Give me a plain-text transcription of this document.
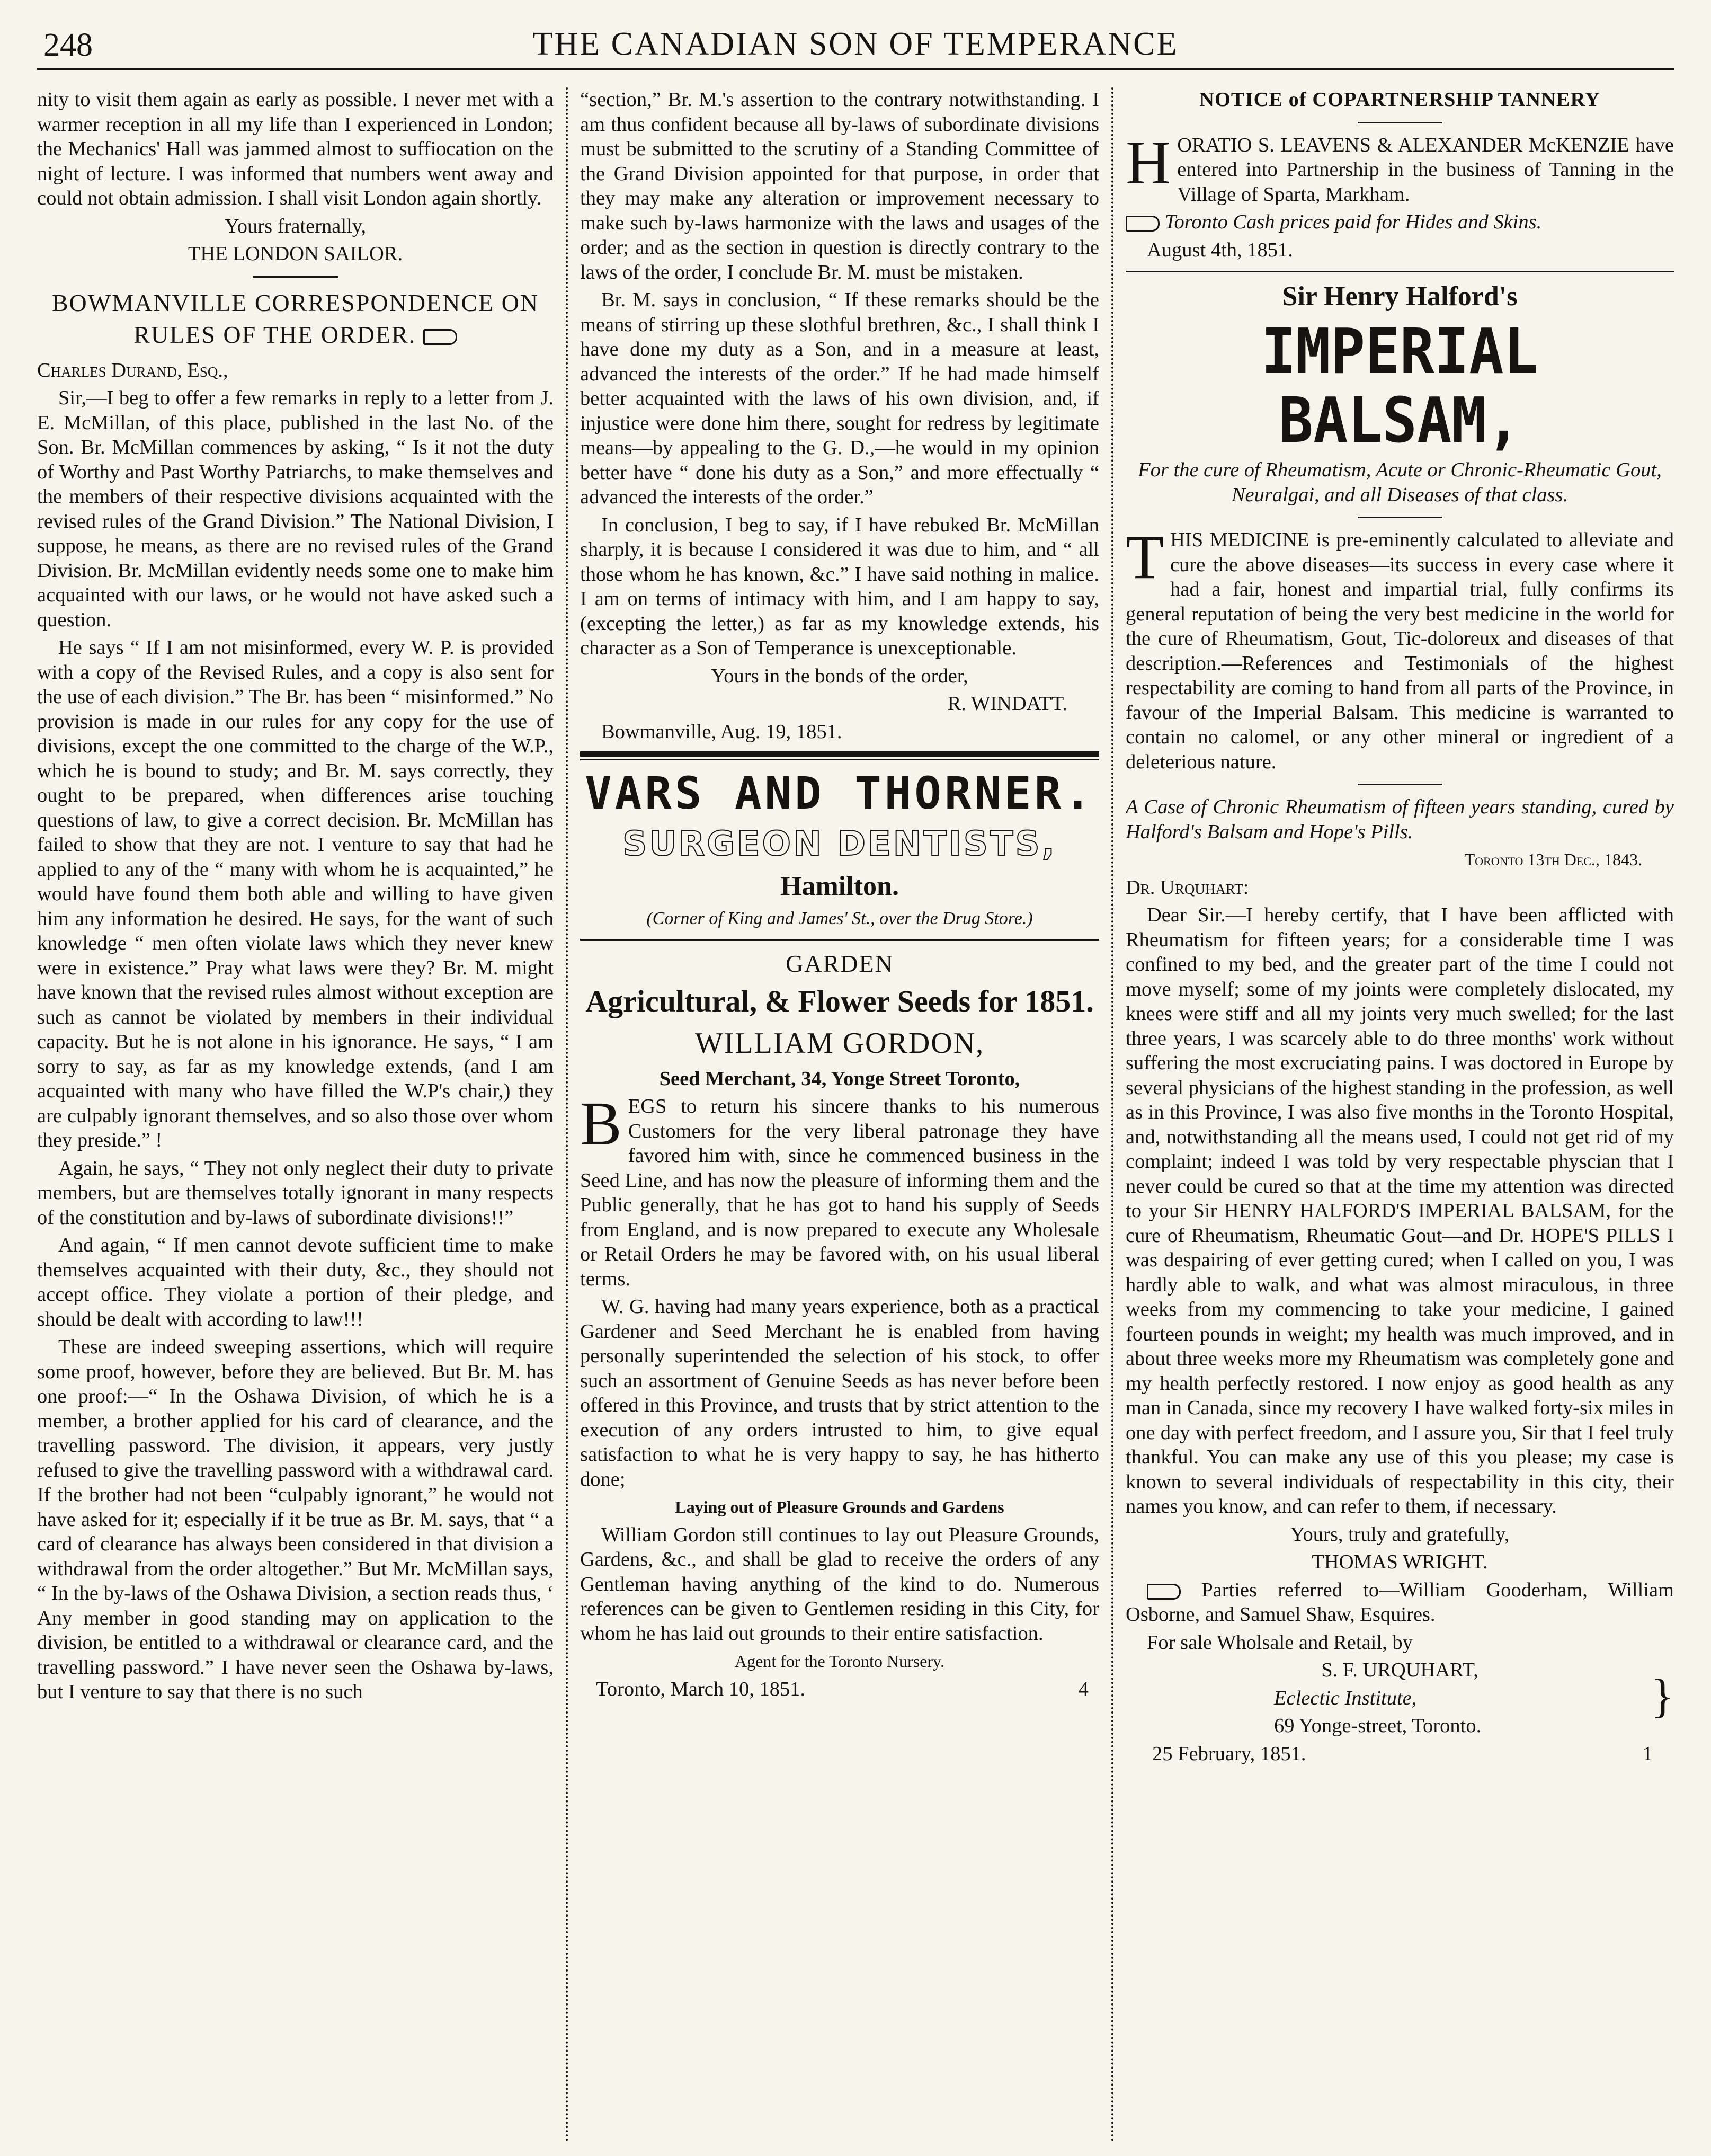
248	THE CANADIAN SON OF TEMPERANCE

nity to visit them again as early as possible. I never met with a warmer reception in all my life than I experienced in London; the Mechanics' Hall was jammed almost to suffiocation on the night of lecture. I was informed that numbers went away and could not obtain admission. I shall visit London again shortly.

Yours fraternally,

THE LONDON SAILOR.

BOWMANVILLE CORRESPONDENCE ON RULES OF THE ORDER.

Charles Durand, Esq.,

Sir,—I beg to offer a few remarks in reply to a letter from J. E. McMillan, of this place, published in the last No. of the Son. Br. McMillan commences by asking, “ Is it not the duty of Worthy and Past Worthy Patriarchs, to make themselves and the members of their respective divisions acquainted with the revised rules of the Grand Division.” The National Division, I suppose, he means, as there are no revised rules of the Grand Division. Br. McMillan evidently needs some one to make him acquainted with our laws, or he would not have asked such a question.

He says “ If I am not misinformed, every W. P. is provided with a copy of the Revised Rules, and a copy is also sent for the use of each division.” The Br. has been “ misinformed.” No provision is made in our rules for any copy for the use of divisions, except the one committed to the charge of the W.P., which he is bound to study; and Br. M. says correctly, they ought to be prepared, when differences arise touching questions of law, to give a correct decision. Br. McMillan has failed to show that they are not. I venture to say that had he applied to any of the “ many with whom he is acquainted,” he would have found them both able and willing to have given him any information he desired. He says, for the want of such knowledge “ men often violate laws which they never knew were in existence.” Pray what laws were they? Br. M. might have known that the revised rules almost without exception are such as cannot be violated by members in their individual capacity. But he is not alone in his ignorance. He says, “ I am sorry to say, as far as my knowledge extends, (and I am acquainted with many who have filled the W.P's chair,) they are culpably ignorant themselves, and so also those over whom they preside.” !

Again, he says, “ They not only neglect their duty to private members, but are themselves totally ignorant in many respects of the constitution and by-laws of subordinate divisions!!”

And again, “ If men cannot devote sufficient time to make themselves acquainted with their duty, &c., they should not accept office. They violate a portion of their pledge, and should be dealt with according to law!!!

These are indeed sweeping assertions, which will require some proof, however, before they are believed. But Br. M. has one proof:—“ In the Oshawa Division, of which he is a member, a brother applied for his card of clearance, and the travelling password. The division, it appears, very justly refused to give the travelling password with a withdrawal card. If the brother had not been “culpably ignorant,” he would not have asked for it; especially if it be true as Br. M. says, that “ a card of clearance has always been considered in that division a withdrawal from the order altogether.” But Mr. McMillan says, “ In the by-laws of the Oshawa Division, a section reads thus, ‘ Any member in good standing may on application to the division, be entitled to a withdrawal or clearance card, and the travelling password.” I have never seen the Oshawa by-laws, but I venture to say that there is no such

“section,” Br. M.'s assertion to the contrary notwithstanding. I am thus confident because all by-laws of subordinate divisions must be submitted to the scrutiny of a Standing Committee of the Grand Division appointed for that purpose, in order that they may make any alteration or improvement necessary to make such by-laws harmonize with the laws and usages of the order; and as the section in question is directly contrary to the laws of the order, I conclude Br. M. must be mistaken.

Br. M. says in conclusion, “ If these remarks should be the means of stirring up these slothful brethren, &c., I shall think I have done my duty as a Son, and in a measure at least, advanced the interests of the order.” If he had made himself better acquainted with the laws of his own division, and, if injustice were done him there, sought for redress by legitimate means—by appealing to the G. D.,—he would in my opinion better have “ done his duty as a Son,” and more effectually “ advanced the interests of the order.”

In conclusion, I beg to say, if I have rebuked Br. McMillan sharply, it is because I considered it was due to him, and “ all those whom he has known, &c.” I have said nothing in malice. I am on terms of intimacy with him, and I am happy to say, (excepting the letter,) as far as my knowledge extends, his character as a Son of Temperance is unexceptionable.

Yours in the bonds of the order,

R. WINDATT.

Bowmanville, Aug. 19, 1851.

VARS AND THORNER.

SURGEON DENTISTS,

Hamilton.

(Corner of King and James' St., over the Drug Store.)

GARDEN

Agricultural, & Flower Seeds for 1851.

WILLIAM GORDON,

Seed Merchant, 34, Yonge Street Toronto,

BEGS to return his sincere thanks to his numerous Customers for the very liberal patronage they have favored him with, since he commenced business in the Seed Line, and has now the pleasure of informing them and the Public generally, that he has got to hand his supply of Seeds from England, and is now prepared to execute any Wholesale or Retail Orders he may be favored with, on his usual liberal terms.

W. G. having had many years experience, both as a practical Gardener and Seed Merchant he is enabled from having personally superintended the selection of his stock, to offer such an assortment of Genuine Seeds as has never before been offered in this Province, and trusts that by strict attention to the execution of any orders intrusted to him, to give equal satisfaction to what he is very happy to say, he has hitherto done;

Laying out of Pleasure Grounds and Gardens

William Gordon still continues to lay out Pleasure Grounds, Gardens, &c., and shall be glad to receive the orders of any Gentleman having anything of the kind to do. Numerous references can be given to Gentlemen residing in this City, for whom he has laid out grounds to their entire satisfaction.

Agent for the Toronto Nursery.

Toronto, March 10, 1851.	4

NOTICE of COPARTNERSHIP TANNERY

HORATIO S. LEAVENS & ALEXANDER McKENZIE have entered into Partnership in the business of Tanning in the Village of Sparta, Markham.

Toronto Cash prices paid for Hides and Skins.

August 4th, 1851.

Sir Henry Halford's

IMPERIAL BALSAM,

For the cure of Rheumatism, Acute or Chronic-Rheumatic Gout, Neuralgai, and all Diseases of that class.

THIS MEDICINE is pre-eminently calculated to alleviate and cure the above diseases—its success in every case where it had a fair, honest and impartial trial, fully confirms its general reputation of being the very best medicine in the world for the cure of Rheumatism, Gout, Tic-doloreux and diseases of that description.—References and Testimonials of the highest respectability are coming to hand from all parts of the Province, in favour of the Imperial Balsam. This medicine is warranted to contain no calomel, or any other mineral or ingredient of a deleterious nature.

A Case of Chronic Rheumatism of fifteen years standing, cured by Halford's Balsam and Hope's Pills.

Toronto 13th Dec., 1843.

Dr. Urquhart:

Dear Sir.—I hereby certify, that I have been afflicted with Rheumatism for fifteen years; for a considerable time I was confined to my bed, and the greater part of the time I could not move myself; some of my joints were completely dislocated, my knees were stiff and all my joints very much swelled; for the last three years, I was scarcely able to do three months' work without suffering the most excruciating pains. I was doctored in Europe by several physicians of the highest standing in the profession, as well as in this Province, I was also five months in the Toronto Hospital, and, notwithstanding all the means used, I could not get rid of my complaint; indeed I was told by very respectable physcian that I never could be cured so that at the time my attention was directed to your Sir HENRY HALFORD'S IMPERIAL BALSAM, for the cure of Rheumatism, Rheumatic Gout—and Dr. HOPE'S PILLS I was despairing of ever getting cured; when I called on you, I was hardly able to walk, and what was almost miraculous, in three weeks from my commencing to take your medicine, I gained fourteen pounds in weight; my health was much improved, and in about three weeks more my Rheumatism was completely gone and my health perfectly restored. I now enjoy as good health as any man in Canada, since my recovery I have walked forty-six miles in one day with perfect freedom, and I assure you, Sir that I feel truly thankful. You can make any use of this you please; my case is known to several individuals of respectability in this city, their names you know, and can refer to them, if necessary.

Yours, truly and gratefully,

THOMAS WRIGHT.

Parties referred to—William Gooderham, William Osborne, and Samuel Shaw, Esquires.

For sale Wholsale and Retail, by

S. F. URQUHART,

Eclectic Institute,

69 Yonge-street, Toronto.

}
25 February, 1851.	1
